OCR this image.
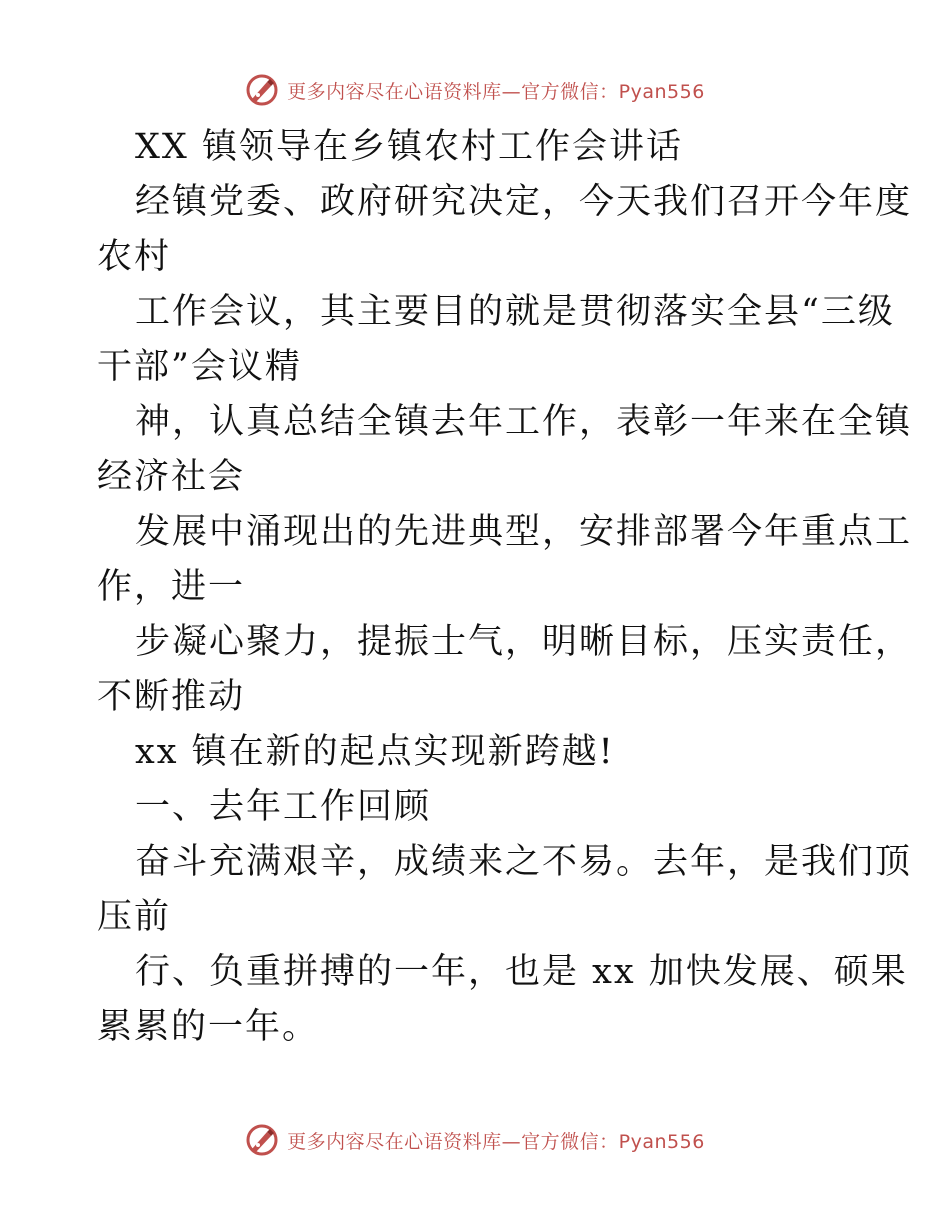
更多内容尽在心语资料库—官方微信：Pyan556
XX 镇领导在乡镇农村工作会讲话
经镇党委、政府研究决定，今天我们召开今年度
农村
工作会议，其主要目的就是贯彻落实全县“三级
干部”会议精
神，认真总结全镇去年工作，表彰一年来在全镇
经济社会
发展中涌现出的先进典型，安排部署今年重点工
作，进一
步凝心聚力，提振士气，明晰目标，压实责任，
不断推动
xx 镇在新的起点实现新跨越!
一、去年工作回顾
奋斗充满艰辛，成绩来之不易。去年，是我们顶
压前
行、负重拼搏的一年，也是 xx 加快发展、硕果
累累的一年。
更多内容尽在心语资料库—官方微信：Pyan556
